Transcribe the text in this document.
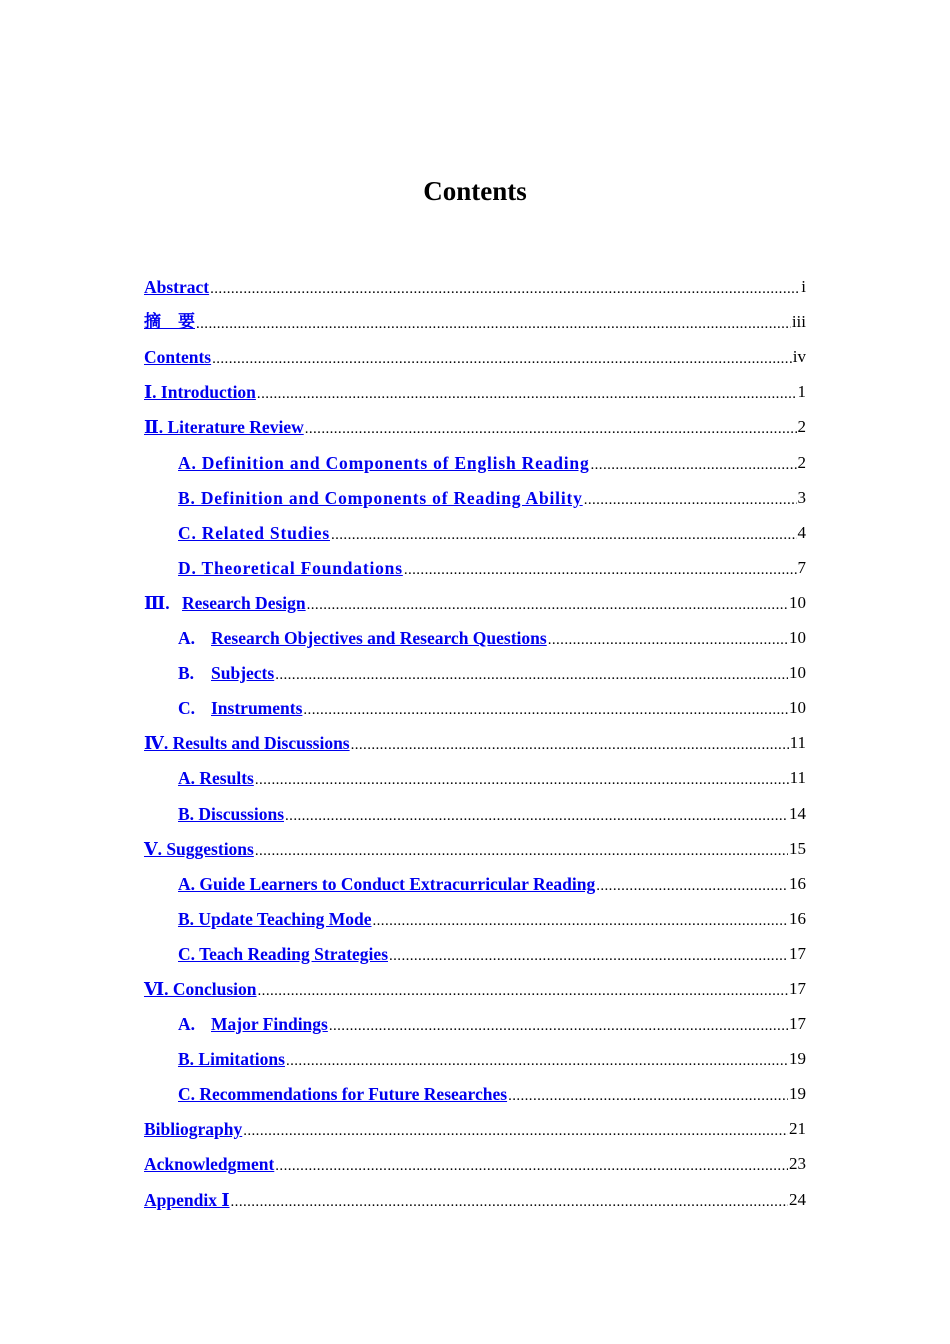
Contents
Abstract .....	i
摘　要 .....	iii
Contents .....	iv
Ⅰ. Introduction .....	1
Ⅱ. Literature Review .....	2
A. Definition and Components of English Reading .....	2
B. Definition and Components of Reading Ability .....	3
C. Related Studies .....	4
D. Theoretical Foundations .....	7
Ⅲ. Research Design .....	10
A. Research Objectives and Research Questions .....	10
B. Subjects .....	10
C. Instruments .....	10
Ⅳ. Results and Discussions .....	11
A. Results .....	11
B. Discussions .....	14
Ⅴ. Suggestions .....	15
A. Guide Learners to Conduct Extracurricular Reading .....	16
B. Update Teaching Mode .....	16
C. Teach Reading Strategies .....	17
Ⅵ. Conclusion .....	17
A. Major Findings .....	17
B. Limitations .....	19
C. Recommendations for Future Researches .....	19
Bibliography .....	21
Acknowledgment .....	23
Appendix Ⅰ .....	24
